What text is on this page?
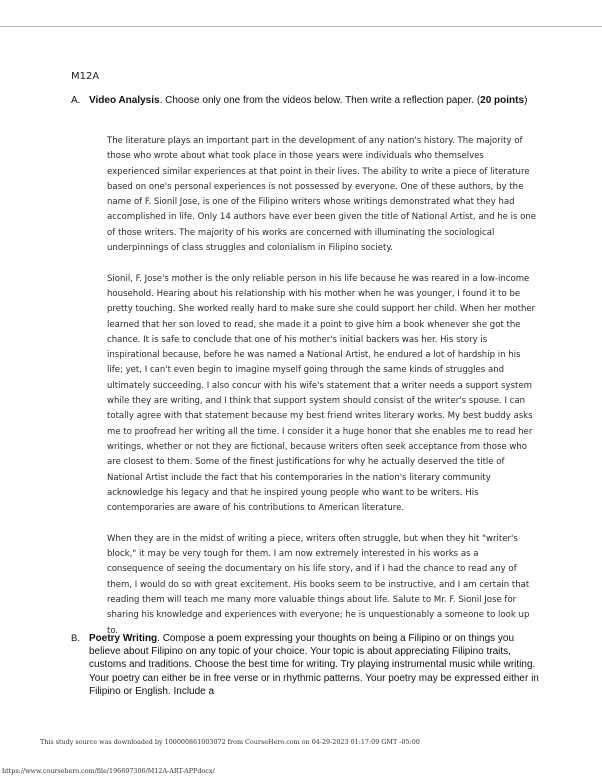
M12A
A. Video Analysis. Choose only one from the videos below. Then write a reflection paper. (20 points)

The literature plays an important part in the development of any nation's history. The majority of those who wrote about what took place in those years were individuals who themselves experienced similar experiences at that point in their lives. The ability to write a piece of literature based on one's personal experiences is not possessed by everyone. One of these authors, by the name of F. Sionil Jose, is one of the Filipino writers whose writings demonstrated what they had accomplished in life. Only 14 authors have ever been given the title of National Artist, and he is one of those writers. The majority of his works are concerned with illuminating the sociological underpinnings of class struggles and colonialism in Filipino society.

Sionil, F. Jose's mother is the only reliable person in his life because he was reared in a low-income household. Hearing about his relationship with his mother when he was younger, I found it to be pretty touching. She worked really hard to make sure she could support her child. When her mother learned that her son loved to read, she made it a point to give him a book whenever she got the chance. It is safe to conclude that one of his mother's initial backers was her. His story is inspirational because, before he was named a National Artist, he endured a lot of hardship in his life; yet, I can't even begin to imagine myself going through the same kinds of struggles and ultimately succeeding. I also concur with his wife's statement that a writer needs a support system while they are writing, and I think that support system should consist of the writer's spouse. I can totally agree with that statement because my best friend writes literary works. My best buddy asks me to proofread her writing all the time. I consider it a huge honor that she enables me to read her writings, whether or not they are fictional, because writers often seek acceptance from those who are closest to them. Some of the finest justifications for why he actually deserved the title of National Artist include the fact that his contemporaries in the nation's literary community acknowledge his legacy and that he inspired young people who want to be writers. His contemporaries are aware of his contributions to American literature.

When they are in the midst of writing a piece, writers often struggle, but when they hit "writer's block," it may be very tough for them. I am now extremely interested in his works as a consequence of seeing the documentary on his life story, and if I had the chance to read any of them, I would do so with great excitement. His books seem to be instructive, and I am certain that reading them will teach me many more valuable things about life. Salute to Mr. F. Sionil Jose for sharing his knowledge and experiences with everyone; he is unquestionably a someone to look up to.

B. Poetry Writing. Compose a poem expressing your thoughts on being a Filipino or on things you believe about Filipino on any topic of your choice. Your topic is about appreciating Filipino traits, customs and traditions. Choose the best time for writing. Try playing instrumental music while writing. Your poetry can either be in free verse or in rhythmic patterns. Your poetry may be expressed either in Filipino or English. Include a
This study source was downloaded by 100000861003072 from CourseHero.com on 04-29-2023 01:17:09 GMT -05:00
https://www.coursehero.com/file/196697306/M12A-ART-APPdocx/
